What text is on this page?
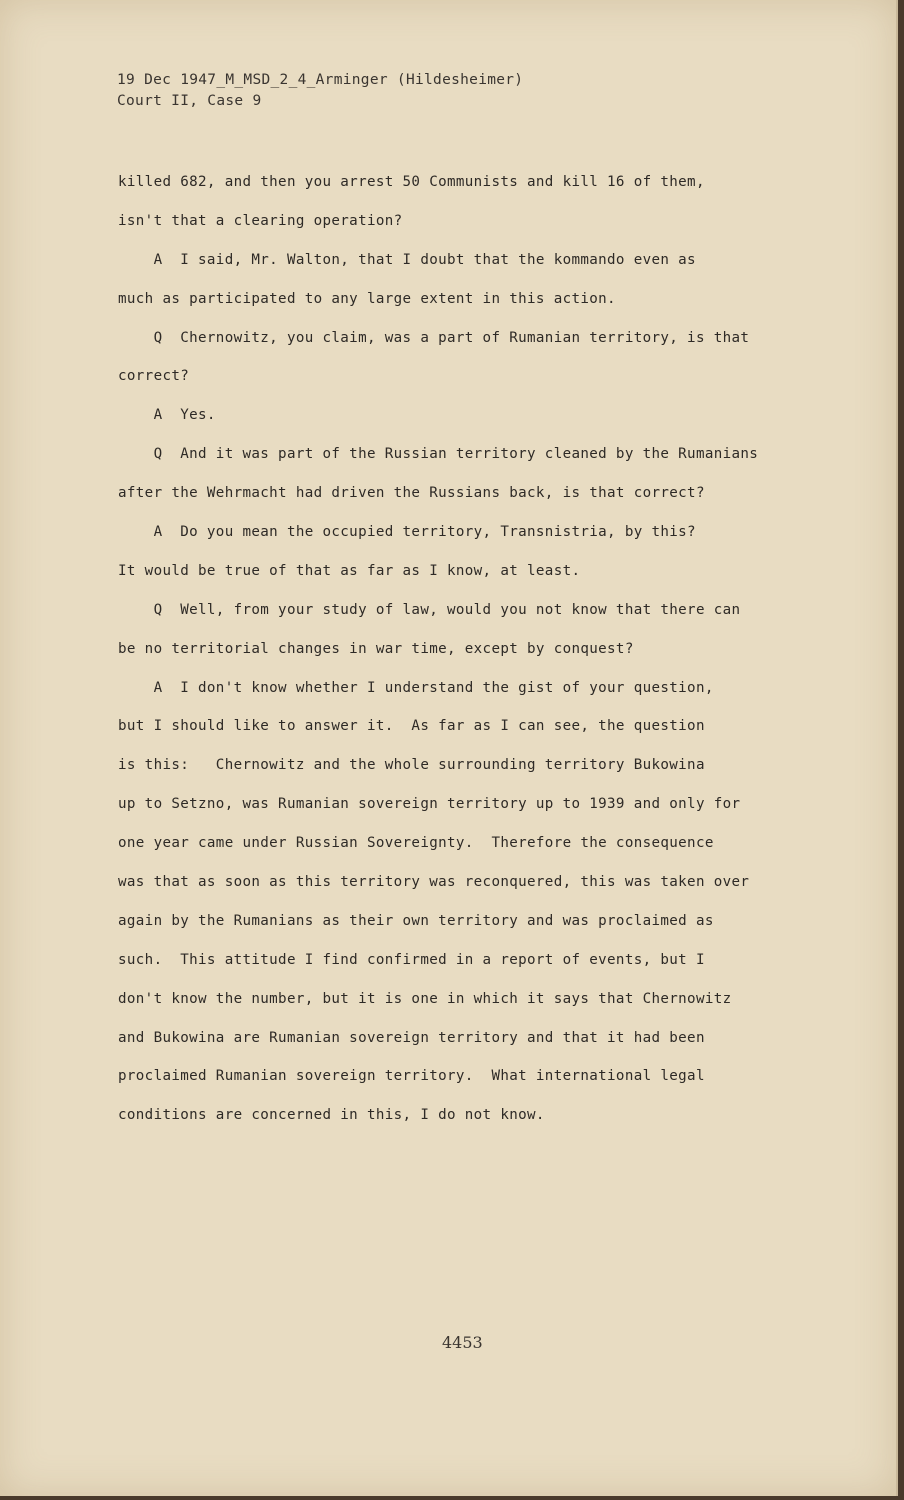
19 Dec 1947_M_MSD_2_4_Arminger (Hildesheimer)
Court II, Case 9
killed 682, and then you arrest 50 Communists and kill 16 of them,
isn't that a clearing operation?
A  I said, Mr. Walton, that I doubt that the kommando even as
much as participated to any large extent in this action.
Q  Chernowitz, you claim, was a part of Rumanian territory, is that
correct?
A  Yes.
Q  And it was part of the Russian territory cleaned by the Rumanians
after the Wehrmacht had driven the Russians back, is that correct?
A  Do you mean the occupied territory, Transnistria, by this?
It would be true of that as far as I know, at least.
Q  Well, from your study of law, would you not know that there can
be no territorial changes in war time, except by conquest?
A  I don't know whether I understand the gist of your question,
but I should like to answer it.  As far as I can see, the question
is this:   Chernowitz and the whole surrounding territory Bukowina
up to Setzno, was Rumanian sovereign territory up to 1939 and only for
one year came under Russian Sovereignty.  Therefore the consequence
was that as soon as this territory was reconquered, this was taken over
again by the Rumanians as their own territory and was proclaimed as
such.  This attitude I find confirmed in a report of events, but I
don't know the number, but it is one in which it says that Chernowitz
and Bukowina are Rumanian sovereign territory and that it had been
proclaimed Rumanian sovereign territory.  What international legal
conditions are concerned in this, I do not know.
4453
